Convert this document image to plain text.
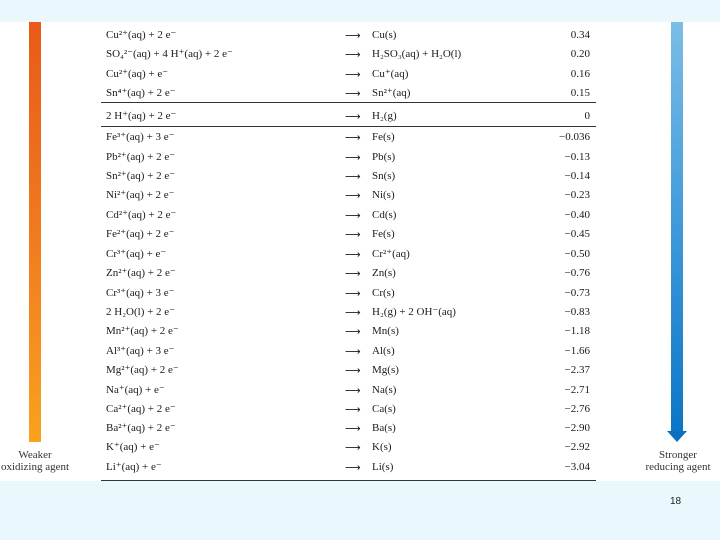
Cu²⁺(aq) + 2 e⁻	⟶ Cu(s)	0.34
SO₄²⁻(aq) + 4 H⁺(aq) + 2 e⁻	⟶ H₂SO₃(aq) + H₂O(l)	0.20
Cu²⁺(aq) + e⁻	⟶ Cu⁺(aq)	0.16
Sn⁴⁺(aq) + 2 e⁻	⟶ Sn²⁺(aq)	0.15
2 H⁺(aq) + 2 e⁻	⟶ H₂(g)	0
Fe³⁺(aq) + 3 e⁻	⟶ Fe(s)	−0.036
Pb²⁺(aq) + 2 e⁻	⟶ Pb(s)	−0.13
Sn²⁺(aq) + 2 e⁻	⟶ Sn(s)	−0.14
Ni²⁺(aq) + 2 e⁻	⟶ Ni(s)	−0.23
Cd²⁺(aq) + 2 e⁻	⟶ Cd(s)	−0.40
Fe²⁺(aq) + 2 e⁻	⟶ Fe(s)	−0.45
Cr³⁺(aq) + e⁻	⟶ Cr²⁺(aq)	−0.50
Zn²⁺(aq) + 2 e⁻	⟶ Zn(s)	−0.76
Cr³⁺(aq) + 3 e⁻	⟶ Cr(s)	−0.73
2 H₂O(l) + 2 e⁻	⟶ H₂(g) + 2 OH⁻(aq)	−0.83
Mn²⁺(aq) + 2 e⁻	⟶ Mn(s)	−1.18
Al³⁺(aq) + 3 e⁻	⟶ Al(s)	−1.66
Mg²⁺(aq) + 2 e⁻	⟶ Mg(s)	−2.37
Na⁺(aq) + e⁻	⟶ Na(s)	−2.71
Ca²⁺(aq) + 2 e⁻	⟶ Ca(s)	−2.76
Ba²⁺(aq) + 2 e⁻	⟶ Ba(s)	−2.90
K⁺(aq) + e⁻	⟶ K(s)	−2.92
Li⁺(aq) + e⁻	⟶ Li(s)	−3.04
Weaker
oxidizing agent
Stronger
reducing agent
18
